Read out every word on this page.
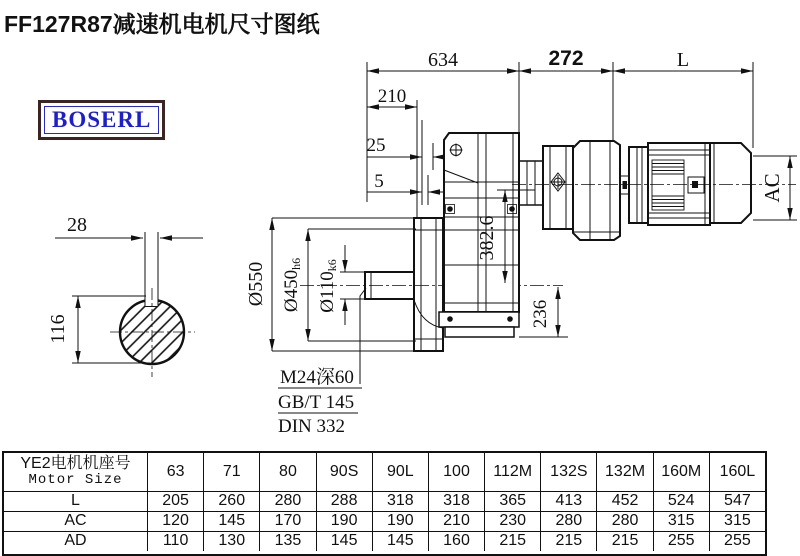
FF127R87减速机电机尺寸图纸
BOSERL
634	272	L
210
25
5
28
116
Ø550 Ø450h6
Ø110k6
M24深60
GB/T 145
DIN 332
382.6
236
AC
YE2电机机座号
Motor Size
63	71	80	90S	90L	100	112M	132S	132M	160M	160L
L	205	260	280	288	318	318	365	413	452	524	547
AC	120	145	170	190	190	210	230	280	280	315	315
AD	110	130	135	145	145	160	215	215	215	255	255
